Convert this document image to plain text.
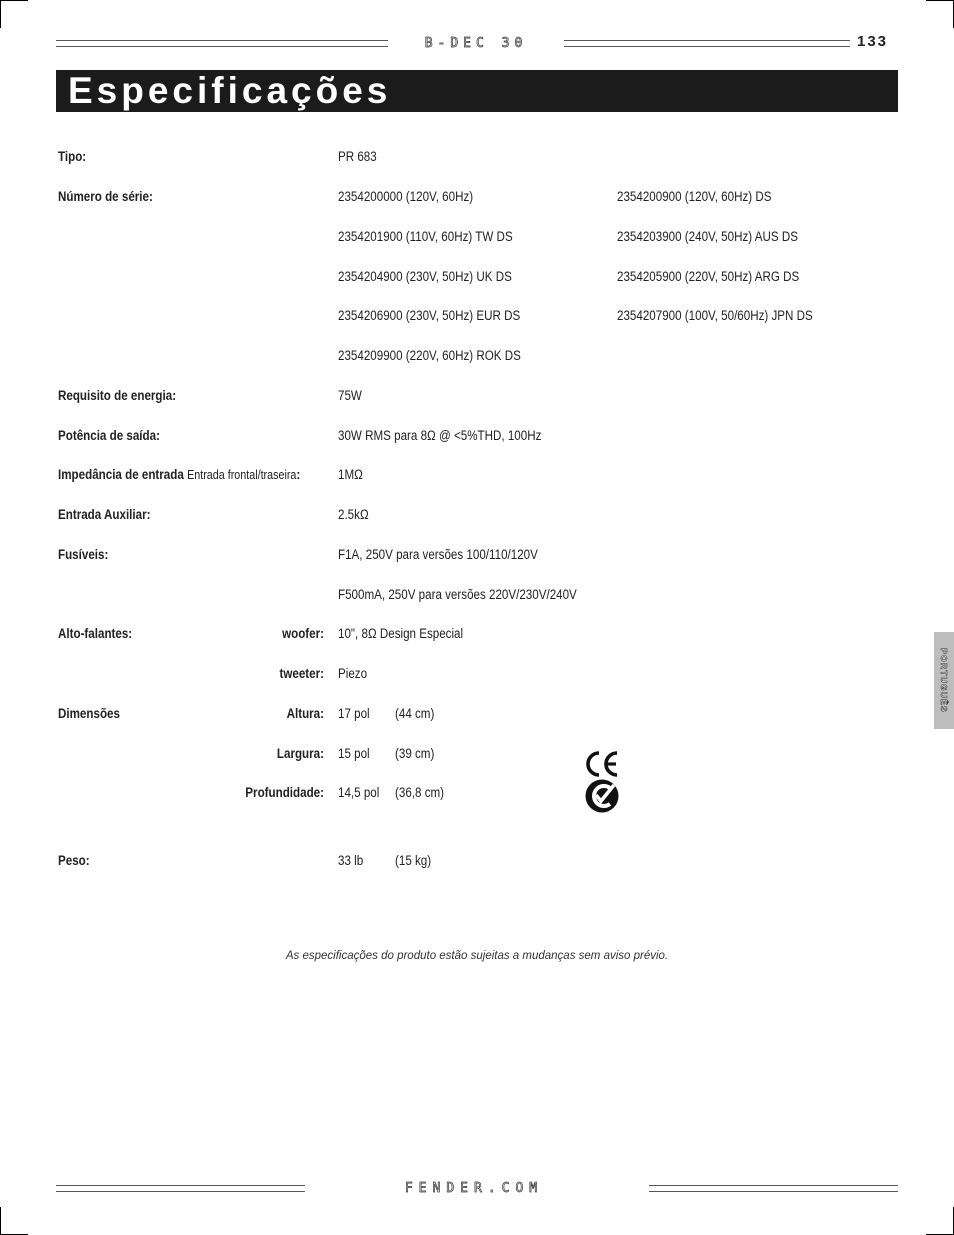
B-DEC 30	133
Especificações
Tipo:	PR 683
Número de série:	2354200000 (120V, 60Hz)	2354200900 (120V, 60Hz) DS
2354201900 (110V, 60Hz) TW DS	2354203900 (240V, 50Hz) AUS DS
2354204900 (230V, 50Hz) UK DS	2354205900 (220V, 50Hz) ARG DS
2354206900 (230V, 50Hz) EUR DS	2354207900 (100V, 50/60Hz) JPN DS
2354209900 (220V, 60Hz) ROK DS
Requisito de energia:	75W
Potência de saída:	30W RMS para 8Ω @ <5%THD, 100Hz
Impedância de entrada Entrada frontal/traseira:	1MΩ
Entrada Auxiliar:	2.5kΩ
Fusíveis:	F1A, 250V para versões 100/110/120V
F500mA, 250V para versões 220V/230V/240V
Alto-falantes:	woofer: 10", 8Ω Design Especial
tweeter: Piezo
Dimensões	Altura: 17 pol (44 cm)
Largura: 15 pol (39 cm)
Profundidade: 14,5 pol (36,8 cm)
Peso:	33 lb (15 kg)
PORTUGUÊS
As especificações do produto estão sujeitas a mudanças sem aviso prévio.
FENDER.COM
